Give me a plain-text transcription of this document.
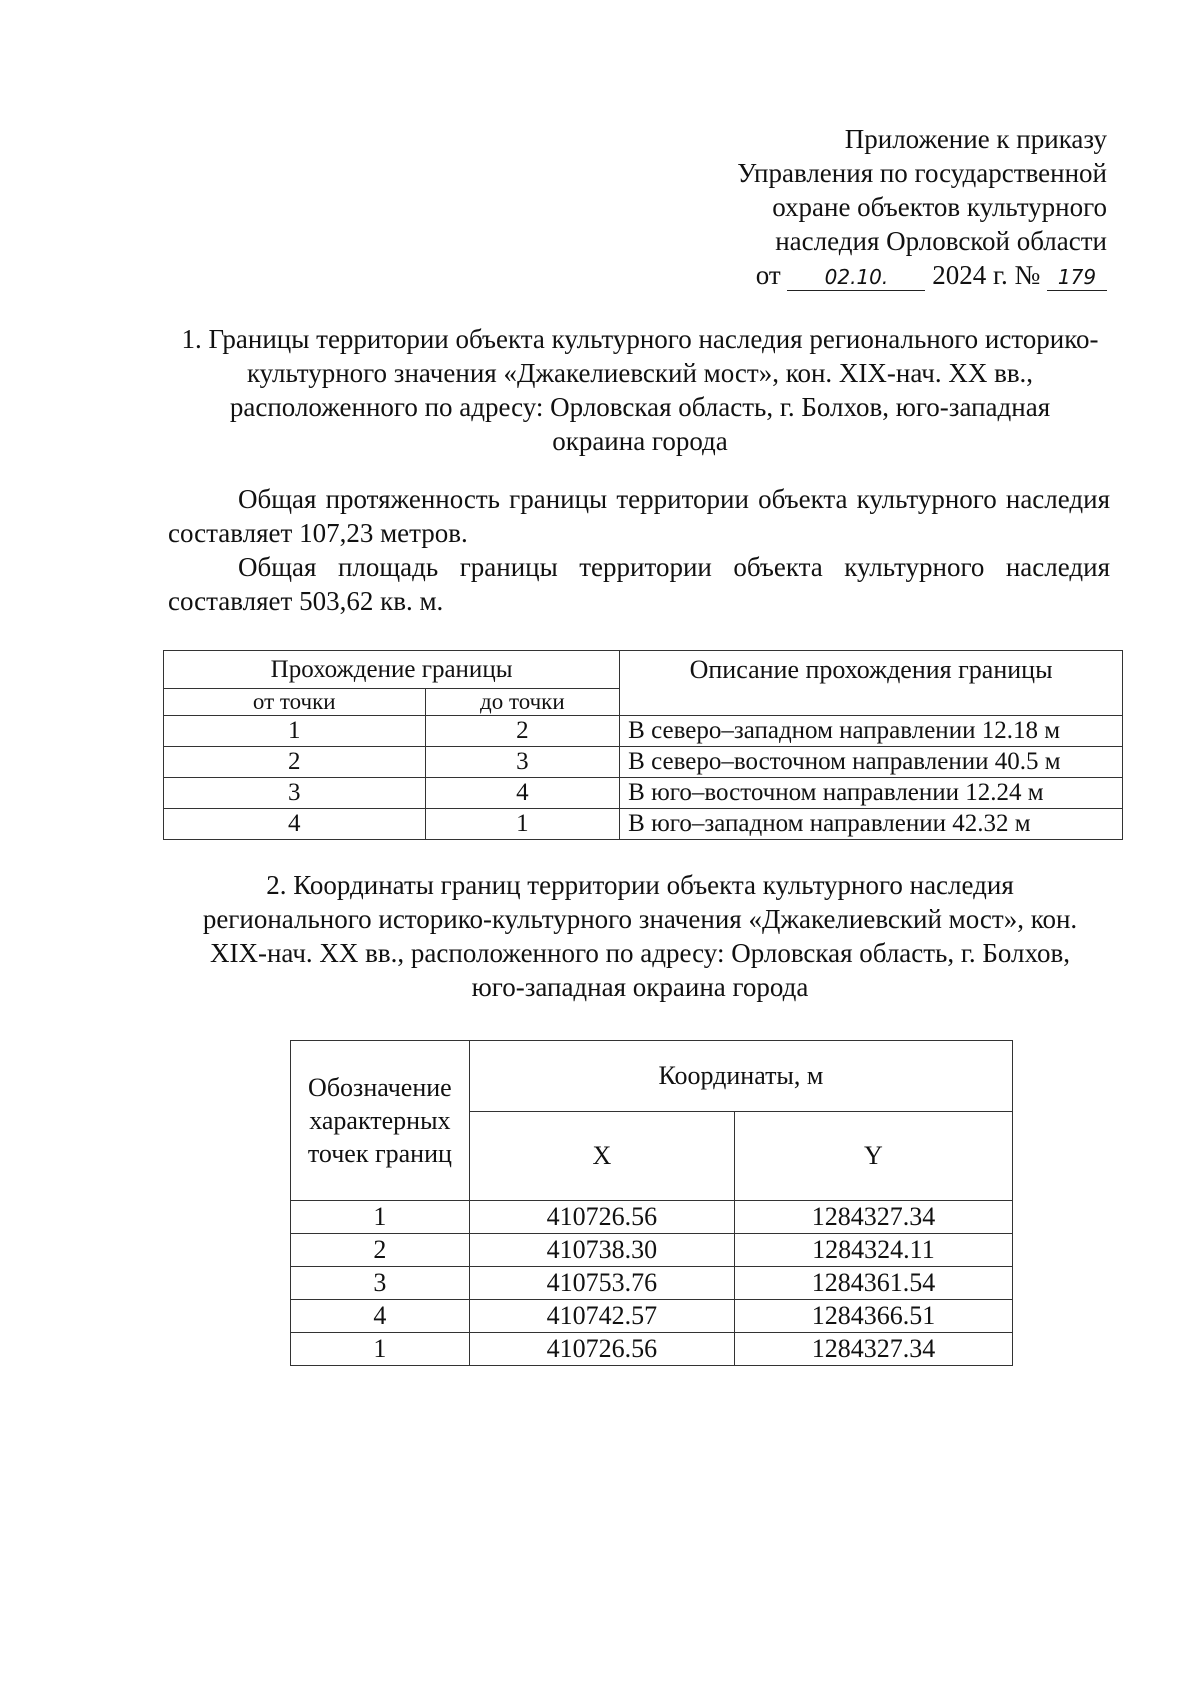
Приложение к приказу
Управления по государственной
охране объектов культурного
наследия Орловской области
от 02.10. 2024 г. № 179
1. Границы территории объекта культурного наследия регионального историко-
культурного значения «Джакелиевский мост», кон. XIX-нач. XX вв.,
расположенного по адресу: Орловская область, г. Болхов, юго-западная
окраина города
Общая протяженность границы территории объекта культурного наследия составляет 107,23 метров.
Общая площадь границы территории объекта культурного наследия составляет 503,62 кв. м.
Прохождение границы		Описание прохождения границы
от точки	до точки	
1	2	В северо–западном направлении 12.18 м
2	3	В северо–восточном направлении 40.5 м
3	4	В юго–восточном направлении 12.24 м
4	1	В юго–западном направлении 42.32 м
2. Координаты границ территории объекта культурного наследия
регионального историко-культурного значения «Джакелиевский мост», кон.
XIX-нач. XX вв., расположенного по адресу: Орловская область, г. Болхов,
юго-западная окраина города
Обозначение характерных точек границ	Координаты, м	
	X	Y
1	410726.56	1284327.34
2	410738.30	1284324.11
3	410753.76	1284361.54
4	410742.57	1284366.51
1	410726.56	1284327.34
